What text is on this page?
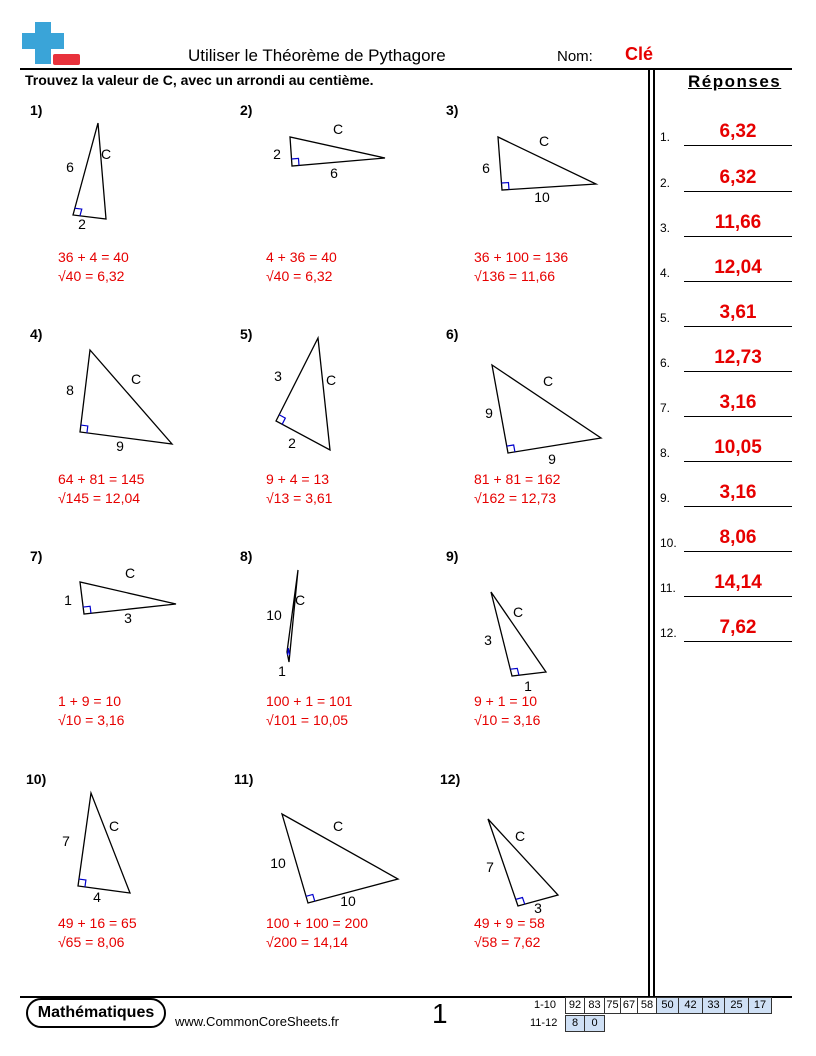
Utiliser le Théorème de Pythagore	Nom: Clé
Trouvez la valeur de C, avec un arrondi au centième.	Réponses
1.	6,32
2.	6,32
3.	11,66
4.	12,04
5.	3,61
6.	12,73
7.	3,16
8.	10,05
9.	3,16
10.	8,06
11.	14,14
12.	7,62
1)
6
2
C
36 + 4 = 40
√40 = 6,32
2)
2
6
C
4 + 36 = 40
√40 = 6,32
3)
6
10
C
36 + 100 = 136
√136 = 11,66
4)
8
9
C
64 + 81 = 145
√145 = 12,04
5)
3
2
C
9 + 4 = 13
√13 = 3,61
6)
9
9
C
81 + 81 = 162
√162 = 12,73
7)
1
3
C
1 + 9 = 10
√10 = 3,16
8)
10
1
C
100 + 1 = 101
√101 = 10,05
9)
3
1
C
9 + 1 = 10
√10 = 3,16
10)
7
4
C
49 + 16 = 65
√65 = 8,06
11)
10
10
C
100 + 100 = 200
√200 = 14,14
12)
7
3
C
49 + 9 = 58
√58 = 7,62
Mathématiques
www.CommonCoreSheets.fr	1	1-10	92 83 75 67 58 50 42 33 25	17
11-12	8	0
